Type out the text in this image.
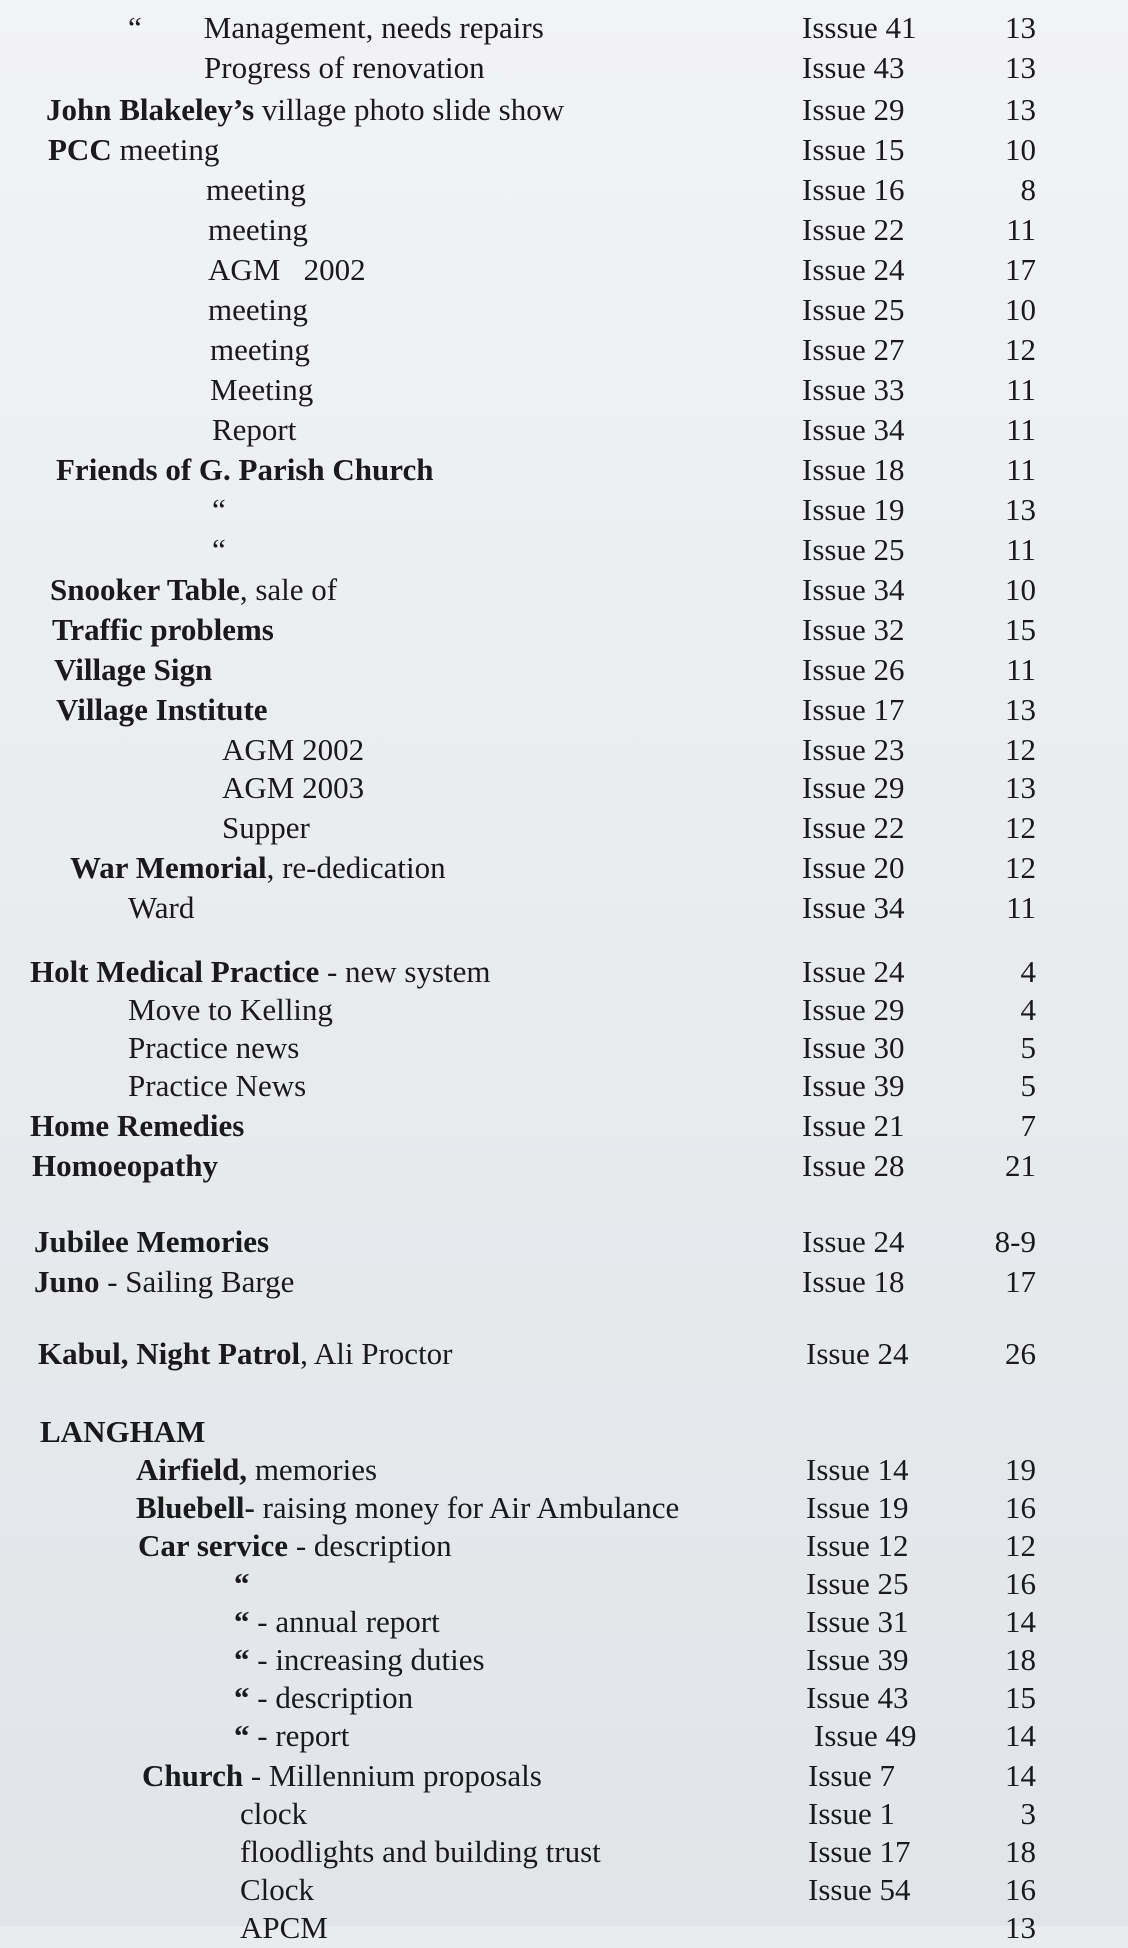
“        Management, needs repairs	Isssue 41	13
Progress of renovation	Issue 43	13
John Blakeley’s village photo slide show	Issue 29	13
PCC meeting	Issue 15	10
meeting	Issue 16	8
meeting	Issue 22	11
AGM   2002	Issue 24	17
meeting	Issue 25	10
meeting	Issue 27	12
Meeting	Issue 33	11
Report	Issue 34	11
Friends of G. Parish Church	Issue 18	11
“	Issue 19	13
“	Issue 25	11
Snooker Table, sale of	Issue 34	10
Traffic problems	Issue 32	15
Village Sign	Issue 26	11
Village Institute	Issue 17	13
AGM 2002	Issue 23	12
AGM 2003	Issue 29	13
Supper	Issue 22	12
War Memorial, re-dedication	Issue 20	12
Ward	Issue 34	11
Holt Medical Practice - new system	Issue 24	4
Move to Kelling	Issue 29	4
Practice news	Issue 30	5
Practice News	Issue 39	5
Home Remedies	Issue 21	7
Homoeopathy	Issue 28	21
Jubilee Memories	Issue 24	8-9
Juno - Sailing Barge	Issue 18	17
Kabul, Night Patrol, Ali Proctor	Issue 24	26
LANGHAM
Airfield, memories	Issue 14	19
Bluebell- raising money for Air Ambulance	Issue 19	16
Car service - description	Issue 12	12
“	Issue 25	16
“ - annual report	Issue 31	14
“ - increasing duties	Issue 39	18
“ - description	Issue 43	15
“ - report	Issue 49	14
Church - Millennium proposals	Issue 7	14
clock	Issue 1	3
floodlights and building trust	Issue 17	18
Clock	Issue 54	16
APCM	13
